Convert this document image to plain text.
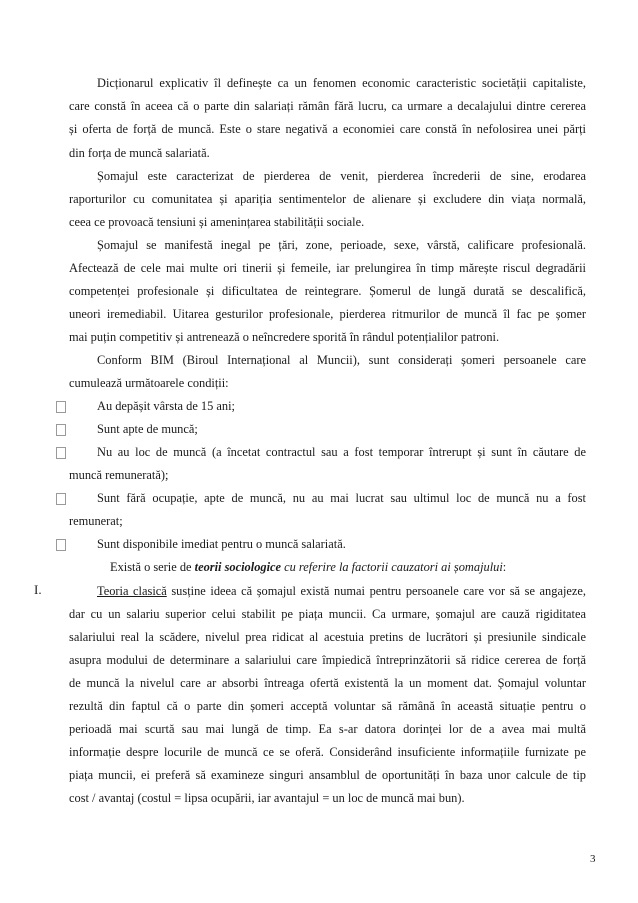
Dicționarul explicativ îl definește ca un fenomen economic caracteristic societății capitaliste,
care constă în aceea că o parte din salariați rămân fără lucru, ca urmare a decalajului dintre cererea
și oferta de forță de muncă. Este o stare negativă a economiei care constă în nefolosirea unei părți
din forța de muncă salariată.
Șomajul este caracterizat de pierderea de venit, pierderea încrederii de sine, erodarea
raporturilor cu comunitatea și apariția sentimentelor de alienare și excludere din viața normală,
ceea ce provoacă tensiuni și amenințarea stabilității sociale.
Șomajul se manifestă inegal pe țări, zone, perioade, sexe, vârstă, calificare profesională.
Afectează de cele mai multe ori tinerii și femeile, iar prelungirea în timp mărește riscul degradării
competenței profesionale și dificultatea de reintegrare. Șomerul de lungă durată se descalifică,
uneori iremediabil. Uitarea gesturilor profesionale, pierderea ritmurilor de muncă îl fac pe șomer
mai puțin competitiv și antrenează o neîncredere sporită în rândul potențialilor patroni.
Conform BIM (Biroul Internațional al Muncii), sunt considerați șomeri persoanele care
cumulează următoarele condiții:
Au depășit vârsta de 15 ani;
Sunt apte de muncă;
Nu au loc de muncă (a încetat contractul sau a fost temporar întrerupt și sunt în căutare de
muncă remunerată);
Sunt fără ocupație, apte de muncă, nu au mai lucrat sau ultimul loc de muncă nu a fost
remunerat;
Sunt disponibile imediat pentru o muncă salariată.
Există o serie de teorii sociologice cu referire la factorii cauzatori ai șomajului:
I.	Teoria clasică susține ideea că șomajul există numai pentru persoanele care vor să se angajeze,
dar cu un salariu superior celui stabilit pe piața muncii. Ca urmare, șomajul are cauză rigiditatea
salariului real la scădere, nivelul prea ridicat al acestuia pretins de lucrători și presiunile sindicale
asupra modului de determinare a salariului care împiedică întreprinzătorii să ridice cererea de forță
de muncă la nivelul care ar absorbi întreaga ofertă existentă la un moment dat. Șomajul voluntar
rezultă din faptul că o parte din șomeri acceptă voluntar să rămână în această situație pentru o
perioadă mai scurtă sau mai lungă de timp. Ea s-ar datora dorinței lor de a avea mai multă
informație despre locurile de muncă ce se oferă. Considerând insuficiente informațiile furnizate pe
piața muncii, ei preferă să examineze singuri ansamblul de oportunități în baza unor calcule de tip
cost / avantaj (costul = lipsa ocupării, iar avantajul = un loc de muncă mai bun).
3
